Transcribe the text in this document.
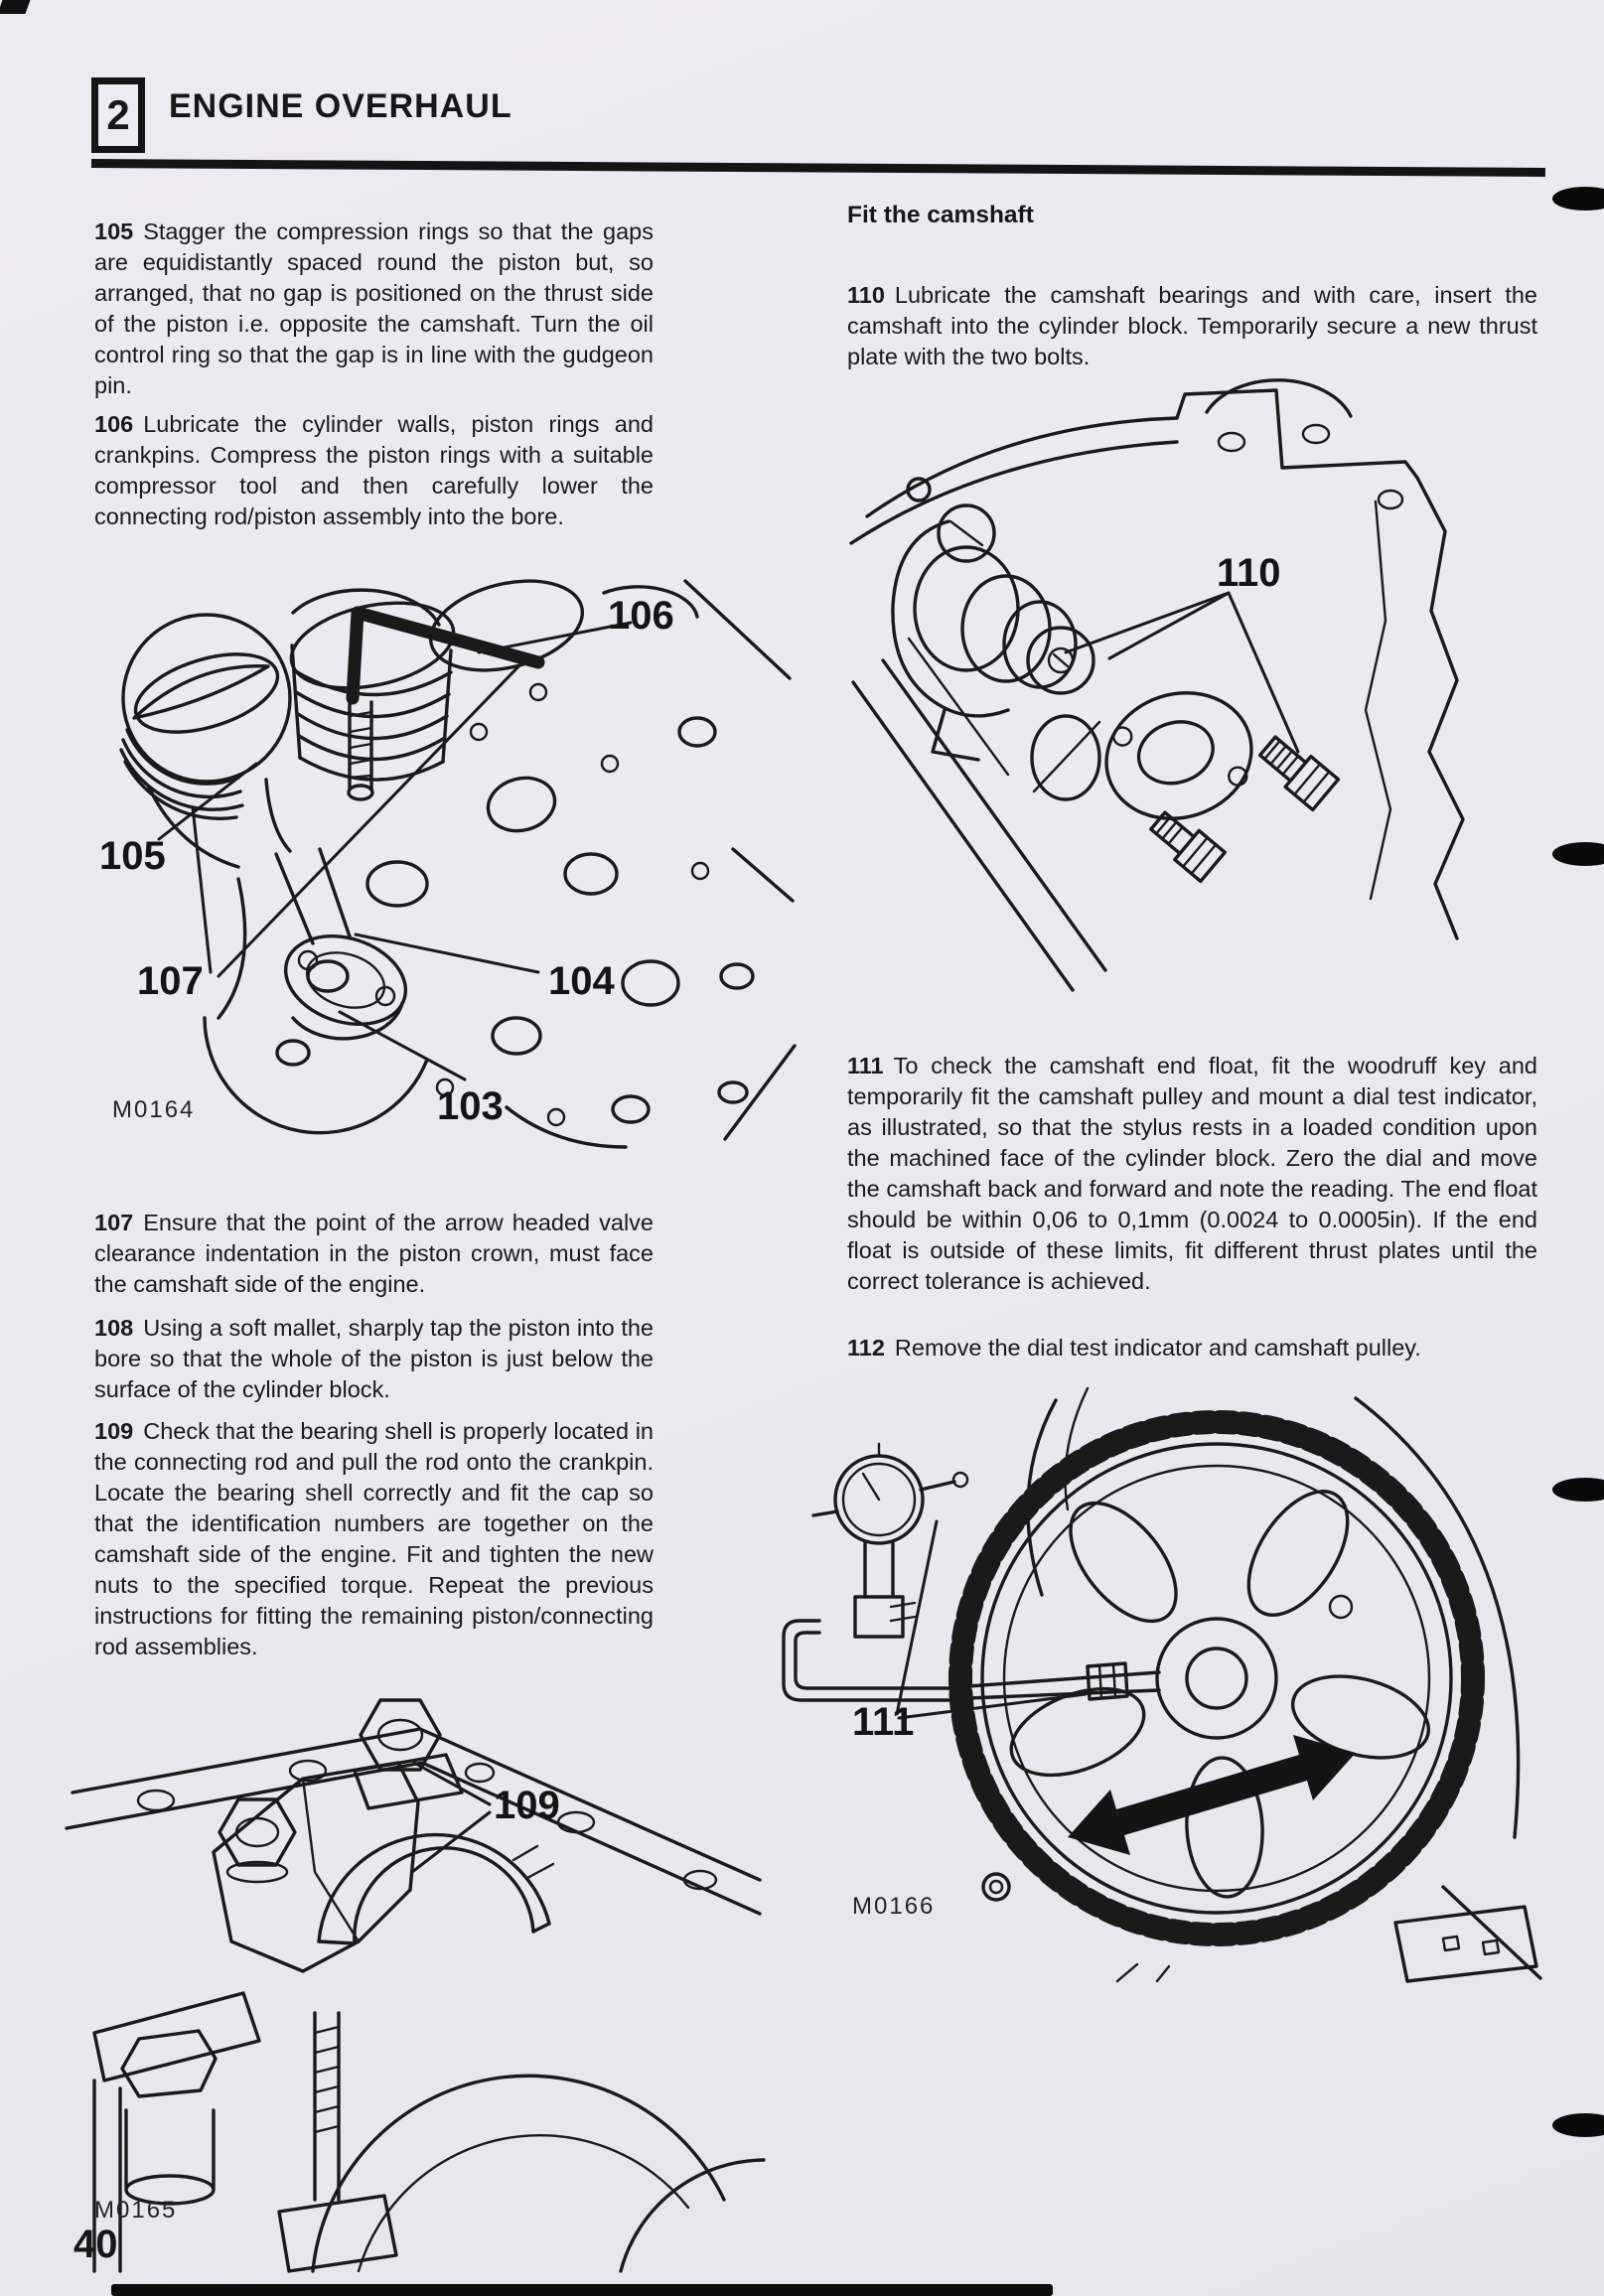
2	ENGINE OVERHAUL

105 Stagger the compression rings so that the gaps are equidistantly spaced round the piston but, so arranged, that no gap is positioned on the thrust side of the piston i.e. opposite the camshaft. Turn the oil control ring so that the gap is in line with the gudgeon pin.

106 Lubricate the cylinder walls, piston rings and crankpins. Compress the piston rings with a suitable compressor tool and then carefully lower the connecting rod/piston assembly into the bore.

107 Ensure that the point of the arrow headed valve clearance indentation in the piston crown, must face the camshaft side of the engine.

108 Using a soft mallet, sharply tap the piston into the bore so that the whole of the piston is just below the surface of the cylinder block.

109 Check that the bearing shell is properly located in the connecting rod and pull the rod onto the crankpin. Locate the bearing shell correctly and fit the cap so that the identification numbers are together on the camshaft side of the engine. Fit and tighten the new nuts to the specified torque. Repeat the previous instructions for fitting the remaining piston/connecting rod assemblies.

Fit the camshaft

110 Lubricate the camshaft bearings and with care, insert the camshaft into the cylinder block. Temporarily secure a new thrust plate with the two bolts.

111 To check the camshaft end float, fit the woodruff key and temporarily fit the camshaft pulley and mount a dial test indicator, as illustrated, so that the stylus rests in a loaded condition upon the machined face of the cylinder block. Zero the dial and move the camshaft back and forward and note the reading. The end float should be within 0,06 to 0,1mm (0.0024 to 0.0005in). If the end float is outside of these limits, fit different thrust plates until the correct tolerance is achieved.

112 Remove the dial test indicator and camshaft pulley.

106
105
107	104
103
M0164
110
111
M0166
109
M0165
40
